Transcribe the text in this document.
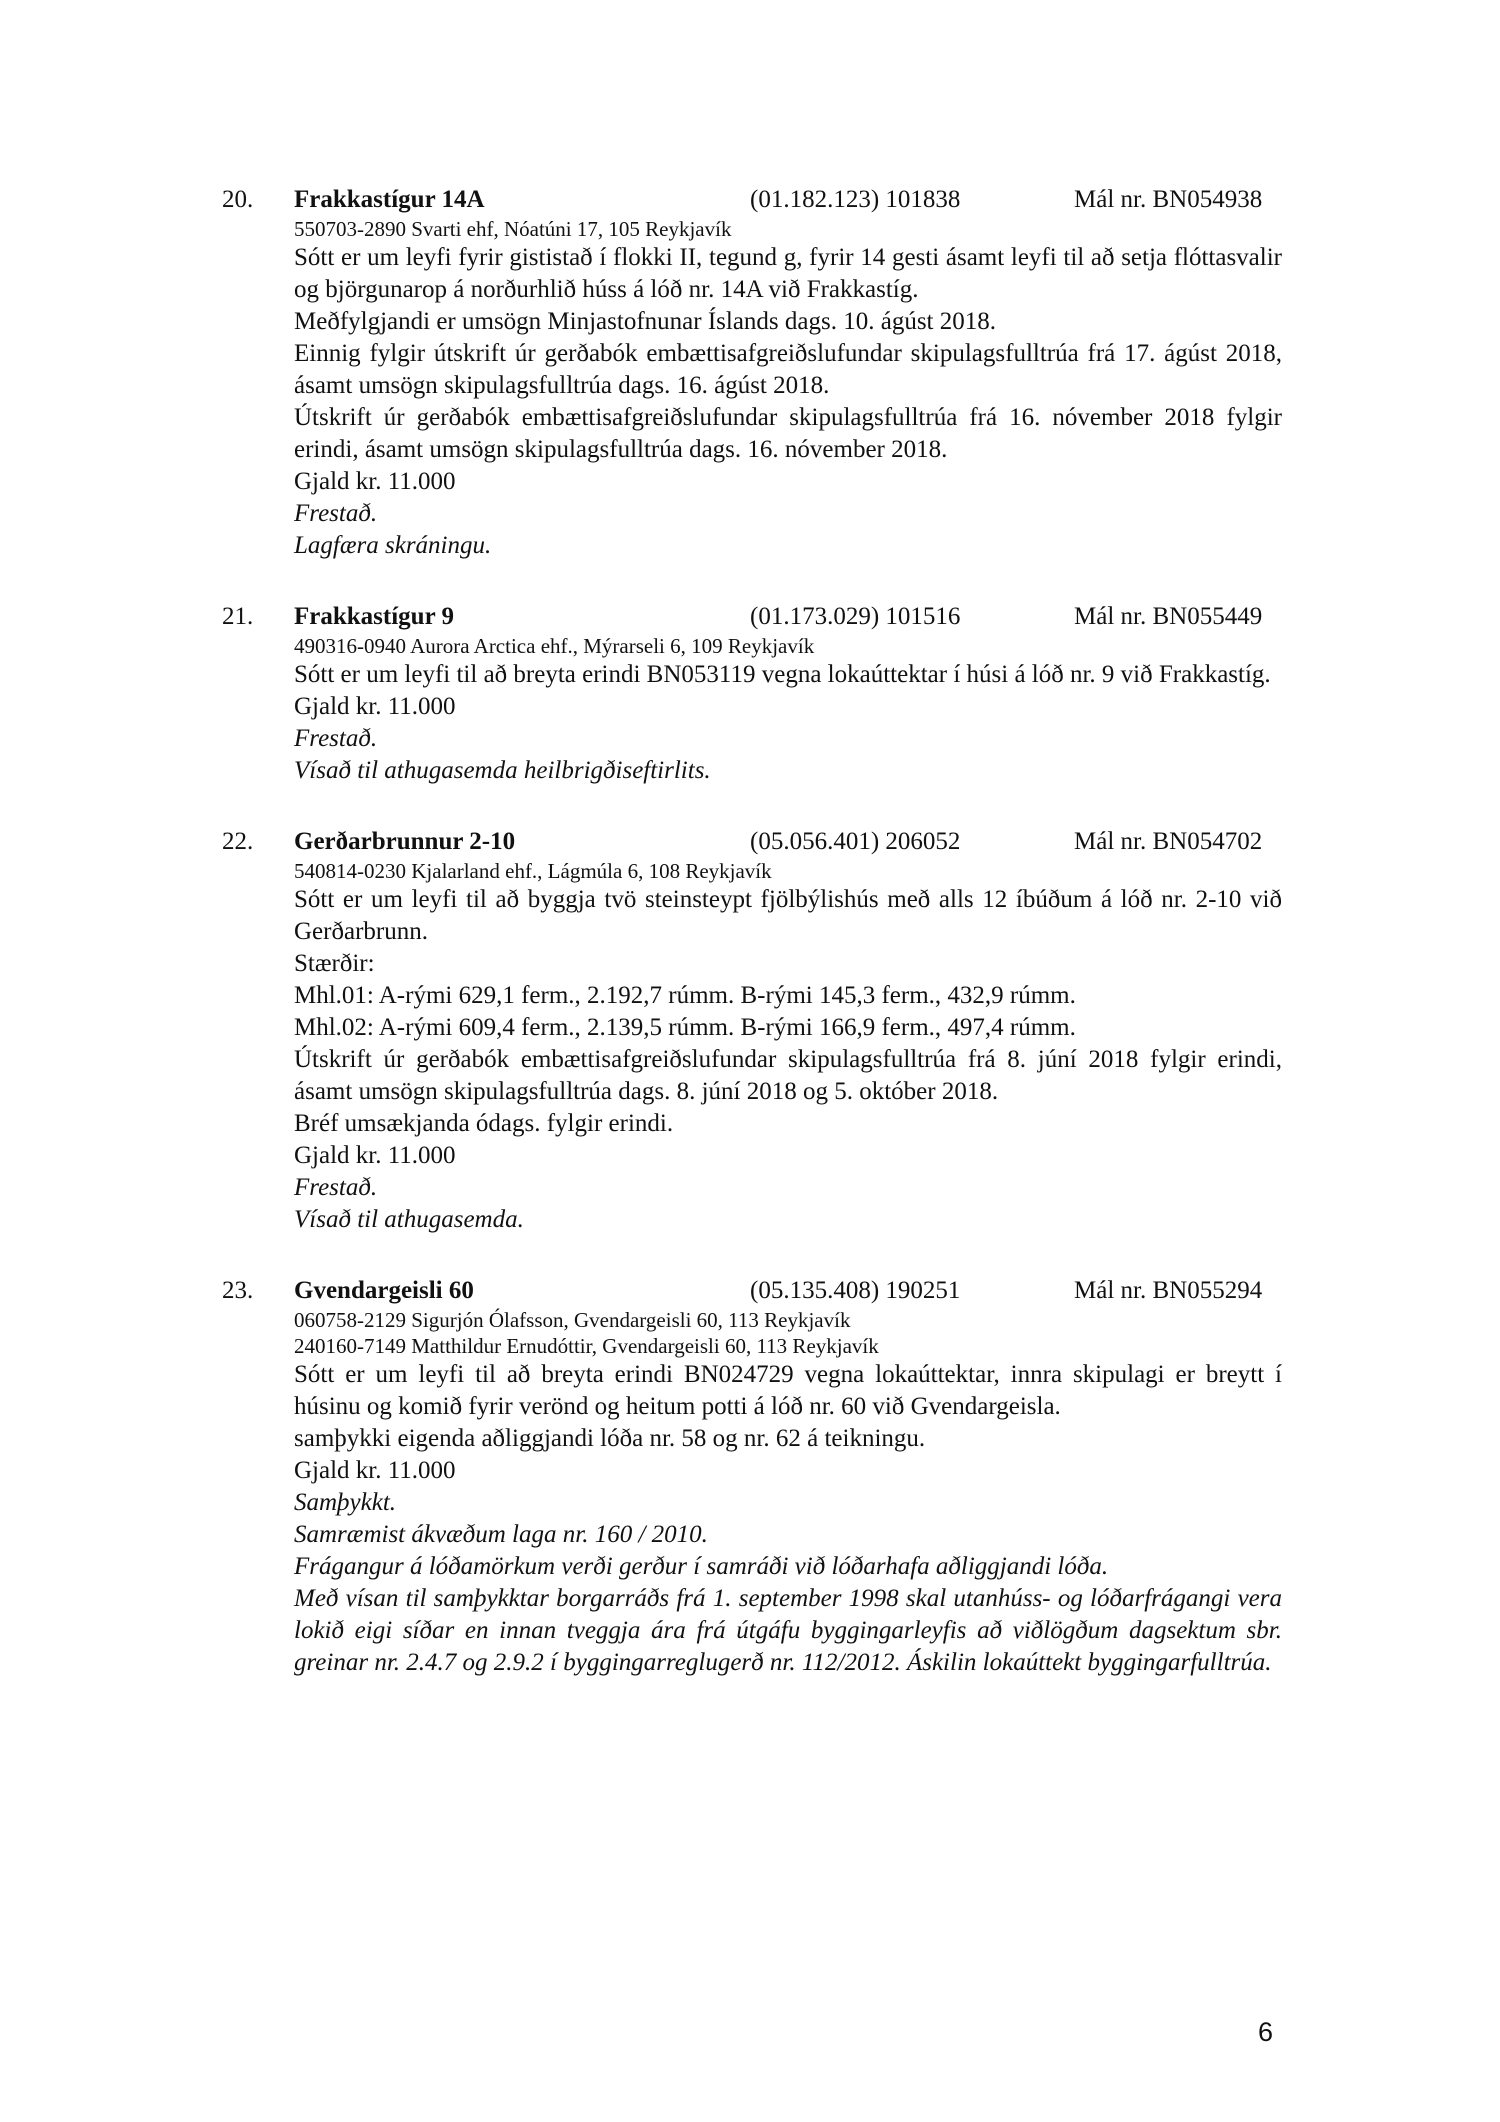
20. Frakkastígur 14A	(01.182.123) 101838	Mál nr. BN054938
550703-2890 Svarti ehf, Nóatúni 17, 105 Reykjavík

Sótt er um leyfi fyrir gististað í flokki II, tegund g, fyrir 14 gesti ásamt leyfi til að setja flóttasvalir og björgunarop á norðurhlið húss á lóð nr. 14A við Frakkastíg.

Meðfylgjandi er umsögn Minjastofnunar Íslands dags. 10. ágúst 2018.

Einnig fylgir útskrift úr gerðabók embættisafgreiðslufundar skipulagsfulltrúa frá 17. ágúst 2018, ásamt umsögn skipulagsfulltrúa dags. 16. ágúst 2018.

Útskrift úr gerðabók embættisafgreiðslufundar skipulagsfulltrúa frá 16. nóvember 2018 fylgir erindi, ásamt umsögn skipulagsfulltrúa dags. 16. nóvember 2018.

Gjald kr. 11.000
Frestað.

Lagfæra skráningu.

21. Frakkastígur 9	(01.173.029) 101516	Mál nr. BN055449
490316-0940 Aurora Arctica ehf., Mýrarseli 6, 109 Reykjavík

Sótt er um leyfi til að breyta erindi BN053119 vegna lokaúttektar í húsi á lóð nr. 9 við Frakkastíg.

Gjald kr. 11.000
Frestað.

Vísað til athugasemda heilbrigðiseftirlits.

22. Gerðarbrunnur 2-10	(05.056.401) 206052	Mál nr. BN054702
540814-0230 Kjalarland ehf., Lágmúla 6, 108 Reykjavík

Sótt er um leyfi til að byggja tvö steinsteypt fjölbýlishús með alls 12 íbúðum á lóð nr. 2-10 við Gerðarbrunn.

Stærðir:

Mhl.01: A-rými 629,1 ferm., 2.192,7 rúmm. B-rými 145,3 ferm., 432,9 rúmm.

Mhl.02: A-rými 609,4 ferm., 2.139,5 rúmm. B-rými 166,9 ferm., 497,4 rúmm.

Útskrift úr gerðabók embættisafgreiðslufundar skipulagsfulltrúa frá 8. júní 2018 fylgir erindi, ásamt umsögn skipulagsfulltrúa dags. 8. júní 2018 og 5. október 2018.

Bréf umsækjanda ódags. fylgir erindi.

Gjald kr. 11.000
Frestað.

Vísað til athugasemda.

23. Gvendargeisli 60	(05.135.408) 190251	Mál nr. BN055294
060758-2129 Sigurjón Ólafsson, Gvendargeisli 60, 113 Reykjavík
240160-7149 Matthildur Ernudóttir, Gvendargeisli 60, 113 Reykjavík

Sótt er um leyfi til að breyta erindi BN024729 vegna lokaúttektar, innra skipulagi er breytt í húsinu og komið fyrir verönd og heitum potti á lóð nr. 60 við Gvendargeisla.

samþykki eigenda aðliggjandi lóða nr. 58 og nr. 62 á teikningu.

Gjald kr. 11.000
Samþykkt.

Samræmist ákvæðum laga nr. 160 / 2010.

Frágangur á lóðamörkum verði gerður í samráði við lóðarhafa aðliggjandi lóða.

Með vísan til samþykktar borgarráðs frá 1. september 1998 skal utanhúss- og lóðarfrágangi vera lokið eigi síðar en innan tveggja ára frá útgáfu byggingarleyfis að viðlögðum dagsektum sbr. greinar nr. 2.4.7 og 2.9.2 í byggingarreglugerð nr. 112/2012. Áskilin lokaúttekt byggingarfulltrúa.

6
